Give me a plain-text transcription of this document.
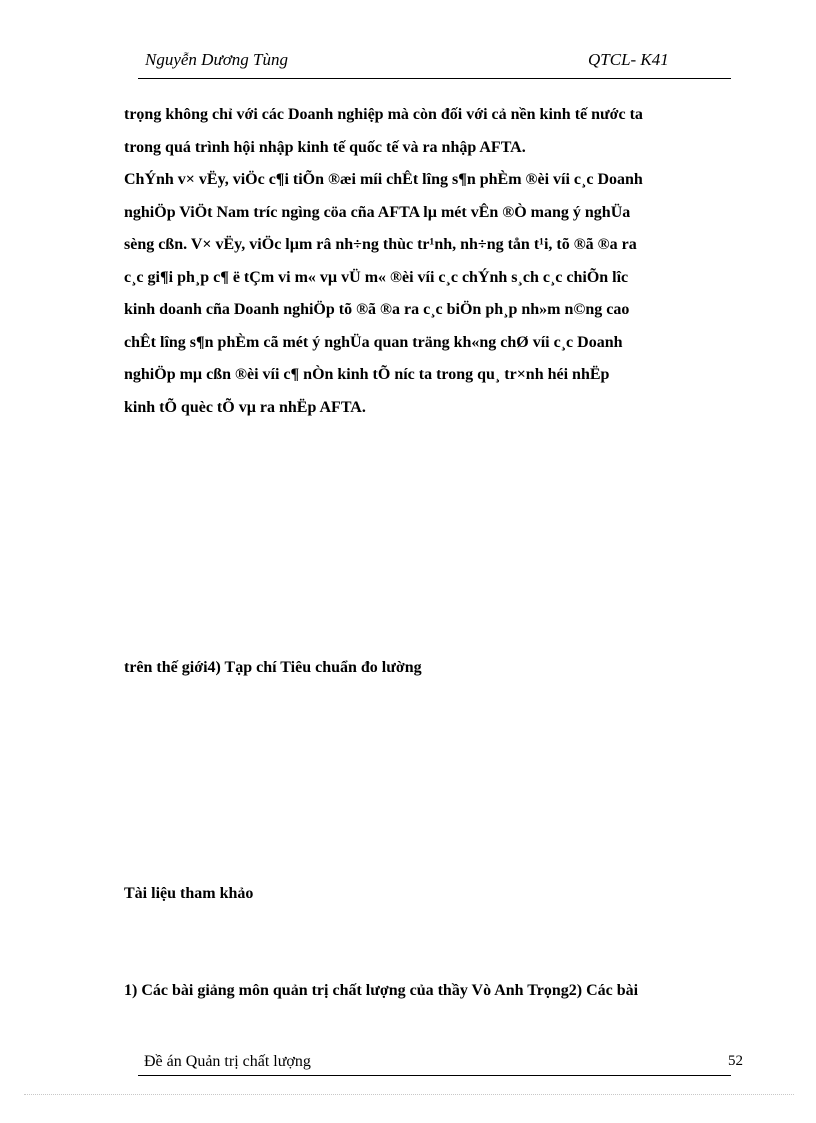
Nguyễn Dương Tùng	QTCL- K41
trọng không chỉ với các Doanh nghiệp mà còn đối với cả nền kinh tế nước ta
trong quá trình hội nhập kinh tế quốc tế và ra nhập AFTA.
ChÝnh v× vËy, viÖc c¶i tiÕn ®æi míi chÊt lîng s¶n phÈm ®èi víi c¸c Doanh
nghiÖp ViÖt Nam tríc ngìng cöa cña AFTA lµ mét vÊn ®Ò mang ý nghÜa
sèng cßn. V× vËy, viÖc lµm râ nh÷ng thùc tr¹nh, nh÷ng tån t¹i, tõ ®ã ®a ra
c¸c gi¶i ph¸p c¶ ë tÇm vi m« vµ vÜ m« ®èi víi c¸c chÝnh s¸ch c¸c chiÕn lîc
kinh doanh cña Doanh nghiÖp tõ ®ã ®a ra c¸c biÖn ph¸p nh»m n©ng cao
chÊt lîng s¶n phÈm cã mét ý nghÜa quan träng kh«ng chØ víi c¸c Doanh
nghiÖp mµ cßn ®èi víi c¶ nÒn kinh tÕ níc ta trong qu¸ tr×nh héi nhËp
kinh tÕ quèc tÕ vµ ra nhËp AFTA.
trên thế giới4) Tạp chí Tiêu chuẩn đo lường
Tài liệu tham khảo
1) Các bài giảng môn quản trị chất lượng của thầy Vò Anh Trọng2) Các bài
Đề án Quản trị chất lượng	52
